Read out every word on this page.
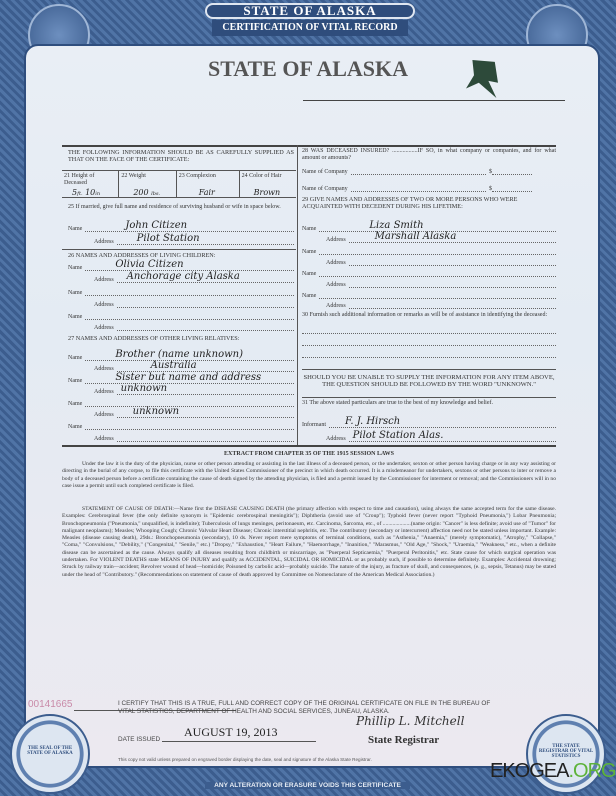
STATE OF ALASKA
CERTIFICATION OF VITAL RECORD
STATE OF ALASKA
THE FOLLOWING INFORMATION SHOULD BE AS CAREFULLY SUPPLIED AS THAT ON THE FACE OF THE CERTIFICATE:
21 Height of Deceased
5ft. 10in
22 Weight
200 lbs.
23 Complexion
Fair
24 Color of Hair
Brown
25 If married, give full name and residence of surviving husband or wife in space below.
Name	John Citizen
Address Pilot Station
26 NAMES AND ADDRESSES OF LIVING CHILDREN:
Name	Olivia Citizen
Address Anchorage city Alaska
Name
Address
Name
Address
27 NAMES AND ADDRESSES OF OTHER LIVING RELATIVES:
Name	Brother (name unknown)
Address	Australia
Name	Sister but name and address
Address unknown
Name
Address unknown
Name
Address
28 WAS DECEASED INSURED? .................IF SO, in what company or companies, and for what amount or amounts?
Name of Company	$
Name of Company	$
29 GIVE NAMES AND ADDRESSES OF TWO OR MORE PERSONS WHO WERE ACQUAINTED WITH DECEDENT DURING HIS LIFETIME:
Name	Liza Smith
Address	Marshall Alaska
Name
Address
Name
Address
Name
Address
30 Furnish such additional information or remarks as will be of assistance in identifying the deceased:
SHOULD YOU BE UNABLE TO SUPPLY THE INFORMATION FOR ANY ITEM ABOVE, THE QUESTION SHOULD BE FOLLOWED BY THE WORD "UNKNOWN."
31 The above stated particulars are true to the best of my knowledge and belief.
Informant F. J. Hirsch
Address Pilot Station Alas.
EXTRACT FROM CHAPTER 35 OF THE 1915 SESSION LAWS
Under the law it is the duty of the physician, nurse or other person attending or assisting in the last illness of a deceased person, or the undertaker, sexton or other person having charge or in any way assisting or directing in the burial of any corpse, to file this certificate with the United States Commissioner of the precinct in which death occurred. It is a misdemeanor for undertakers, sextons or other persons to inter or remove a body of a deceased person before a certificate containing the cause of death signed by the attending physician, is filed and a permit issued by the Commissioner for interment or removal; and the Commissioners will in no case issue a permit until such completed certificate is filed.
STATEMENT OF CAUSE OF DEATH:—Name first the DISEASE CAUSING DEATH (the primary affection with respect to time and causation), using always the same accepted term for the same disease. Examples: Cerebrospinal fever (the only definite synonym is "Epidemic cerebrospinal meningitis"); Diphtheria (avoid use of "Croup"); Typhoid fever (never report "Typhoid Pneumonia,") Lobar Pneumonia; Bronchopneumonia ("Pneumonia," unqualified, is indefinite); Tuberculosis of lungs meninges, peritonaeum, etc. Carcinoma, Sarcoma, etc., of ....................(name origin: "Cancer" is less definite; avoid use of "Tumor" for malignant neoplasms); Measles; Whooping Cough; Chronic Valvular Heart Disease; Chronic interstitial nephritis, etc. The contributory (secondary or intercurrent) affection need not be stated unless important. Example: Measles (disease causing death), 29ds.: Bronchopneumonia (secondary), 10 ds. Never report mere symptoms of terminal conditions, such as "Asthenia," "Anaemia," (merely symptomatic), "Atrophy," "Collapse," "Coma," "Convulsions," "Debility," ("Congenital," "Senile," etc.) "Dropsy," "Exhaustion," "Heart Failure," "Haemorrhage," "Inanition," "Marasmus," "Old Age," "Shock," "Uraemia," "Weakness," etc., when a definite disease can be ascertained as the cause. Always qualify all diseases resulting from childbirth or miscarriage, as "Puerperal Septicaemia," "Puerperal Peritonitis," etc. State cause for which surgical operation was undertaken. For VIOLENT DEATHS state MEANS OF INJURY and qualify as ACCIDENTAL, SUICIDAL OR HOMICIDAL or as probably such, if possible to determine definitely. Examples: Accidental drowning; Struck by railway train—accident; Revolver wound of head—homicide; Poisoned by carbolic acid—probably suicide. The nature of the injury, as fracture of skull, and consequences, (e. g., sepsis, Tetanus) may be stated under the head of "Contributory." (Recommendations on statement of cause of death approved by Committee on Nomenclature of the American Medical Association.)
THE SEAL OF THE STATE OF ALASKA
THE STATE REGISTRAR OF VITAL STATISTICS
00141665	I CERTIFY THAT THIS IS A TRUE, FULL AND CORRECT COPY OF THE ORIGINAL CERTIFICATE ON FILE IN THE BUREAU OF VITAL STATISTICS, DEPARTMENT OF HEALTH AND SOCIAL SERVICES, JUNEAU, ALASKA.
DATE ISSUED
AUGUST 19, 2013
Phillip L. Mitchell
State Registrar
This copy not valid unless prepared on engraved border displaying the date, seal and signature of the Alaska State Registrar.
ANY ALTERATION OR ERASURE VOIDS THIS CERTIFICATE
EKOGEA.ORG
